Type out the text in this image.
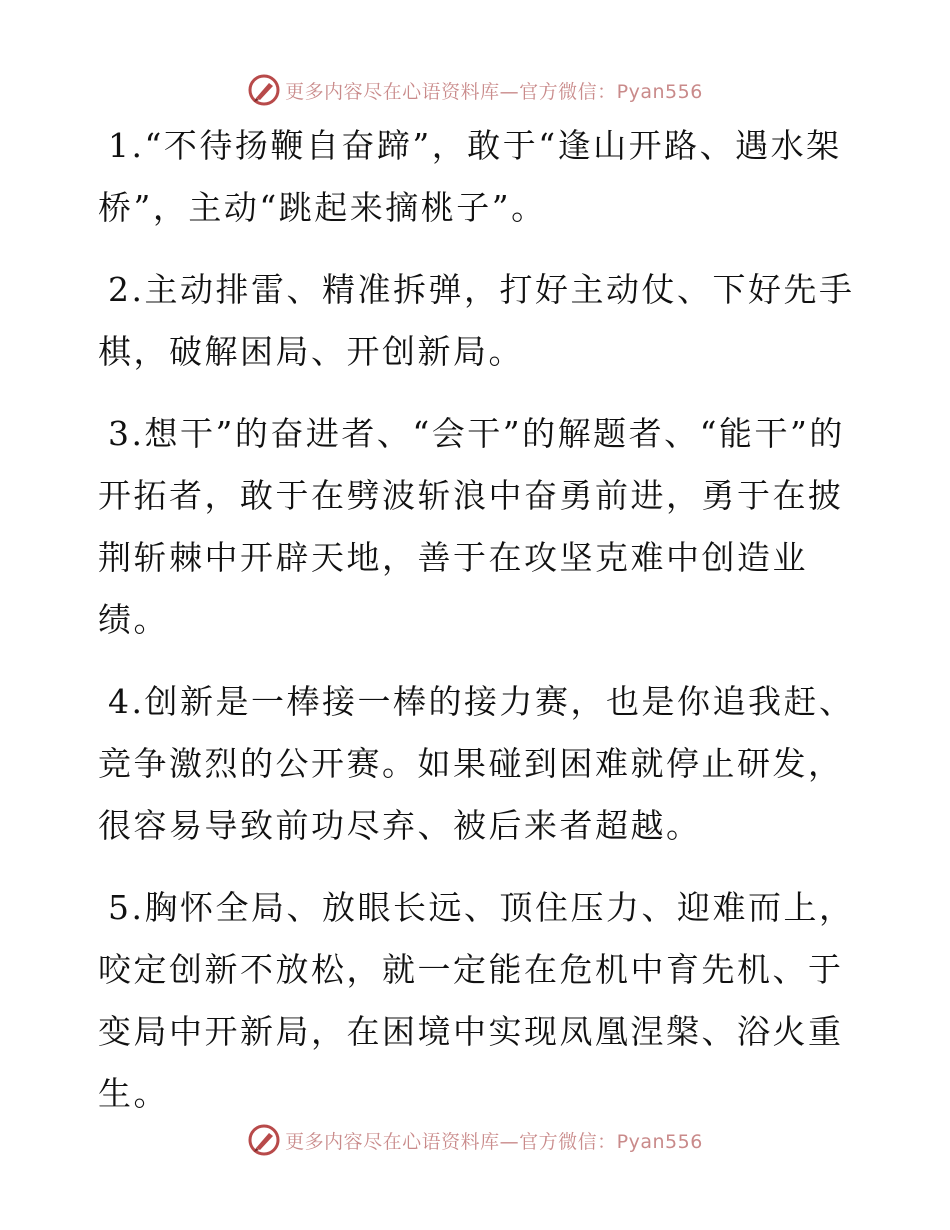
更多内容尽在心语资料库—官方微信：Pyan556

1.“不待扬鞭自奋蹄”，敢于“逢山开路、遇水架桥”，主动“跳起来摘桃子”。

2.主动排雷、精准拆弹，打好主动仗、下好先手棋，破解困局、开创新局。

3.想干”的奋进者、“会干”的解题者、“能干”的开拓者，敢于在劈波斩浪中奋勇前进，勇于在披荆斩棘中开辟天地，善于在攻坚克难中创造业绩。

4.创新是一棒接一棒的接力赛，也是你追我赶、竞争激烈的公开赛。如果碰到困难就停止研发，很容易导致前功尽弃、被后来者超越。

5.胸怀全局、放眼长远、顶住压力、迎难而上，咬定创新不放松，就一定能在危机中育先机、于变局中开新局，在困境中实现凤凰涅槃、浴火重生。

更多内容尽在心语资料库—官方微信：Pyan556
